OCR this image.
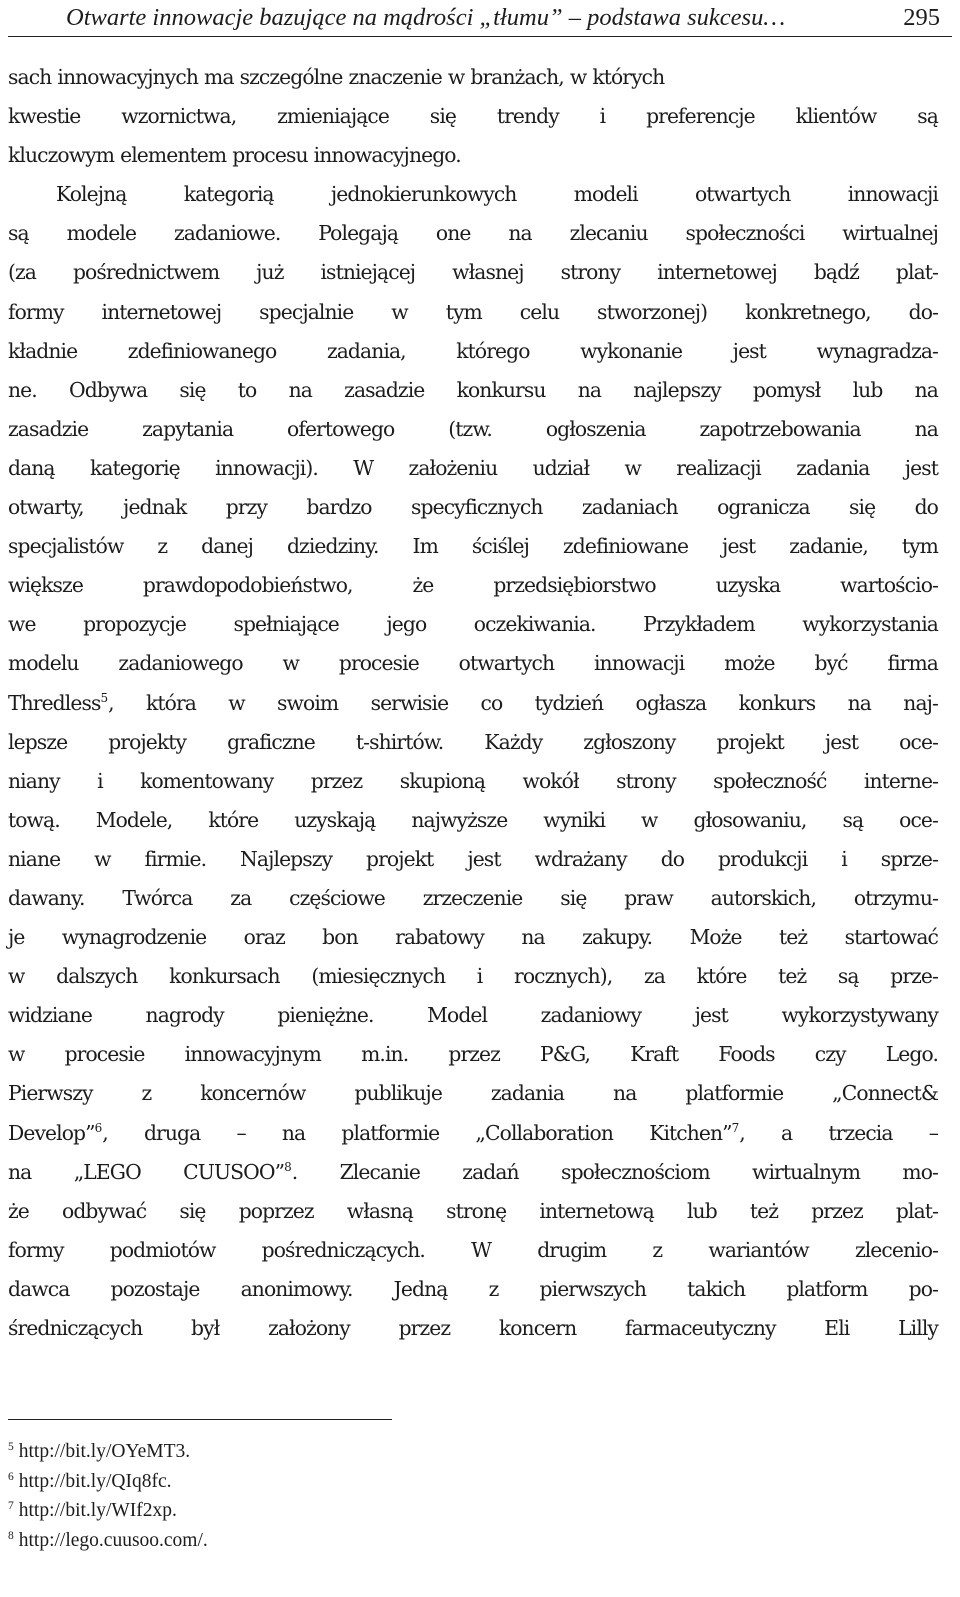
Otwarte innowacje bazujące na mądrości „tłumu” – podstawa sukcesu…	295
sach innowacyjnych ma szczególne znaczenie w branżach, w których
kwestie wzornictwa, zmieniające się trendy i preferencje klientów są
kluczowym elementem procesu innowacyjnego.
Kolejną kategorią jednokierunkowych modeli otwartych innowacji
są modele zadaniowe. Polegają one na zlecaniu społeczności wirtualnej
(za pośrednictwem już istniejącej własnej strony internetowej bądź plat-
formy internetowej specjalnie w tym celu stworzonej) konkretnego, do-
kładnie zdefiniowanego zadania, którego wykonanie jest wynagradza-
ne. Odbywa się to na zasadzie konkursu na najlepszy pomysł lub na
zasadzie zapytania ofertowego (tzw. ogłoszenia zapotrzebowania na
daną kategorię innowacji). W założeniu udział w realizacji zadania jest
otwarty, jednak przy bardzo specyficznych zadaniach ogranicza się do
specjalistów z danej dziedziny. Im ściślej zdefiniowane jest zadanie, tym
większe prawdopodobieństwo, że przedsiębiorstwo uzyska wartościo-
we propozycje spełniające jego oczekiwania. Przykładem wykorzystania
modelu zadaniowego w procesie otwartych innowacji może być firma
Thredless$^5$, która w swoim serwisie co tydzień ogłasza konkurs na naj-
lepsze projekty graficzne t-shirtów. Każdy zgłoszony projekt jest oce-
niany i komentowany przez skupioną wokół strony społeczność interne-
tową. Modele, które uzyskają najwyższe wyniki w głosowaniu, są oce-
niane w firmie. Najlepszy projekt jest wdrażany do produkcji i sprze-
dawany. Twórca za częściowe zrzeczenie się praw autorskich, otrzymu-
je wynagrodzenie oraz bon rabatowy na zakupy. Może też startować
w dalszych konkursach (miesięcznych i rocznych), za które też są prze-
widziane nagrody pieniężne. Model zadaniowy jest wykorzystywany
w procesie innowacyjnym m.in. przez P&G, Kraft Foods czy Lego.
Pierwszy z koncernów publikuje zadania na platformie „Connect&
Develop”$^6$, druga – na platformie „Collaboration Kitchen”$^7$, a trzecia –
na „LEGO CUUSOO”$^8$. Zlecanie zadań społecznościom wirtualnym mo-
że odbywać się poprzez własną stronę internetową lub też przez plat-
formy podmiotów pośredniczących. W drugim z wariantów zlecenio-
dawca pozostaje anonimowy. Jedną z pierwszych takich platform po-
średniczących był założony przez koncern farmaceutyczny Eli Lilly
$^5$ http://bit.ly/OYeMT3.
$^6$ http://bit.ly/QIq8fc.
$^7$ http://bit.ly/WIf2xp.
$^8$ http://lego.cuusoo.com/.
